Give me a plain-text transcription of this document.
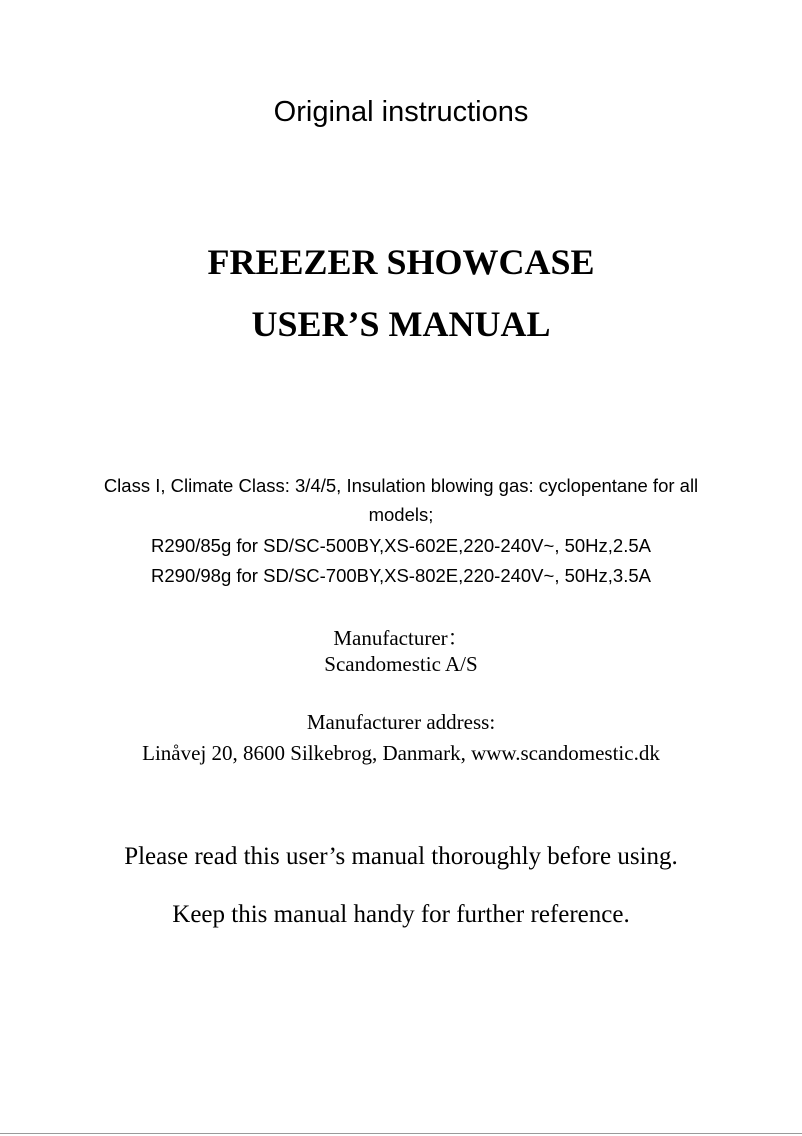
Original instructions

FREEZER SHOWCASE

USER’S MANUAL

Class I, Climate Class: 3/4/5, Insulation blowing gas: cyclopentane for all

models;

R290/85g for SD/SC-500BY,XS-602E,220-240V~, 50Hz,2.5A

R290/98g for SD/SC-700BY,XS-802E,220-240V~, 50Hz,3.5A

Manufacturer：

Scandomestic A/S

Manufacturer address:

Linåvej 20, 8600 Silkebrog, Danmark, www.scandomestic.dk

Please read this user’s manual thoroughly before using.

Keep this manual handy for further reference.
